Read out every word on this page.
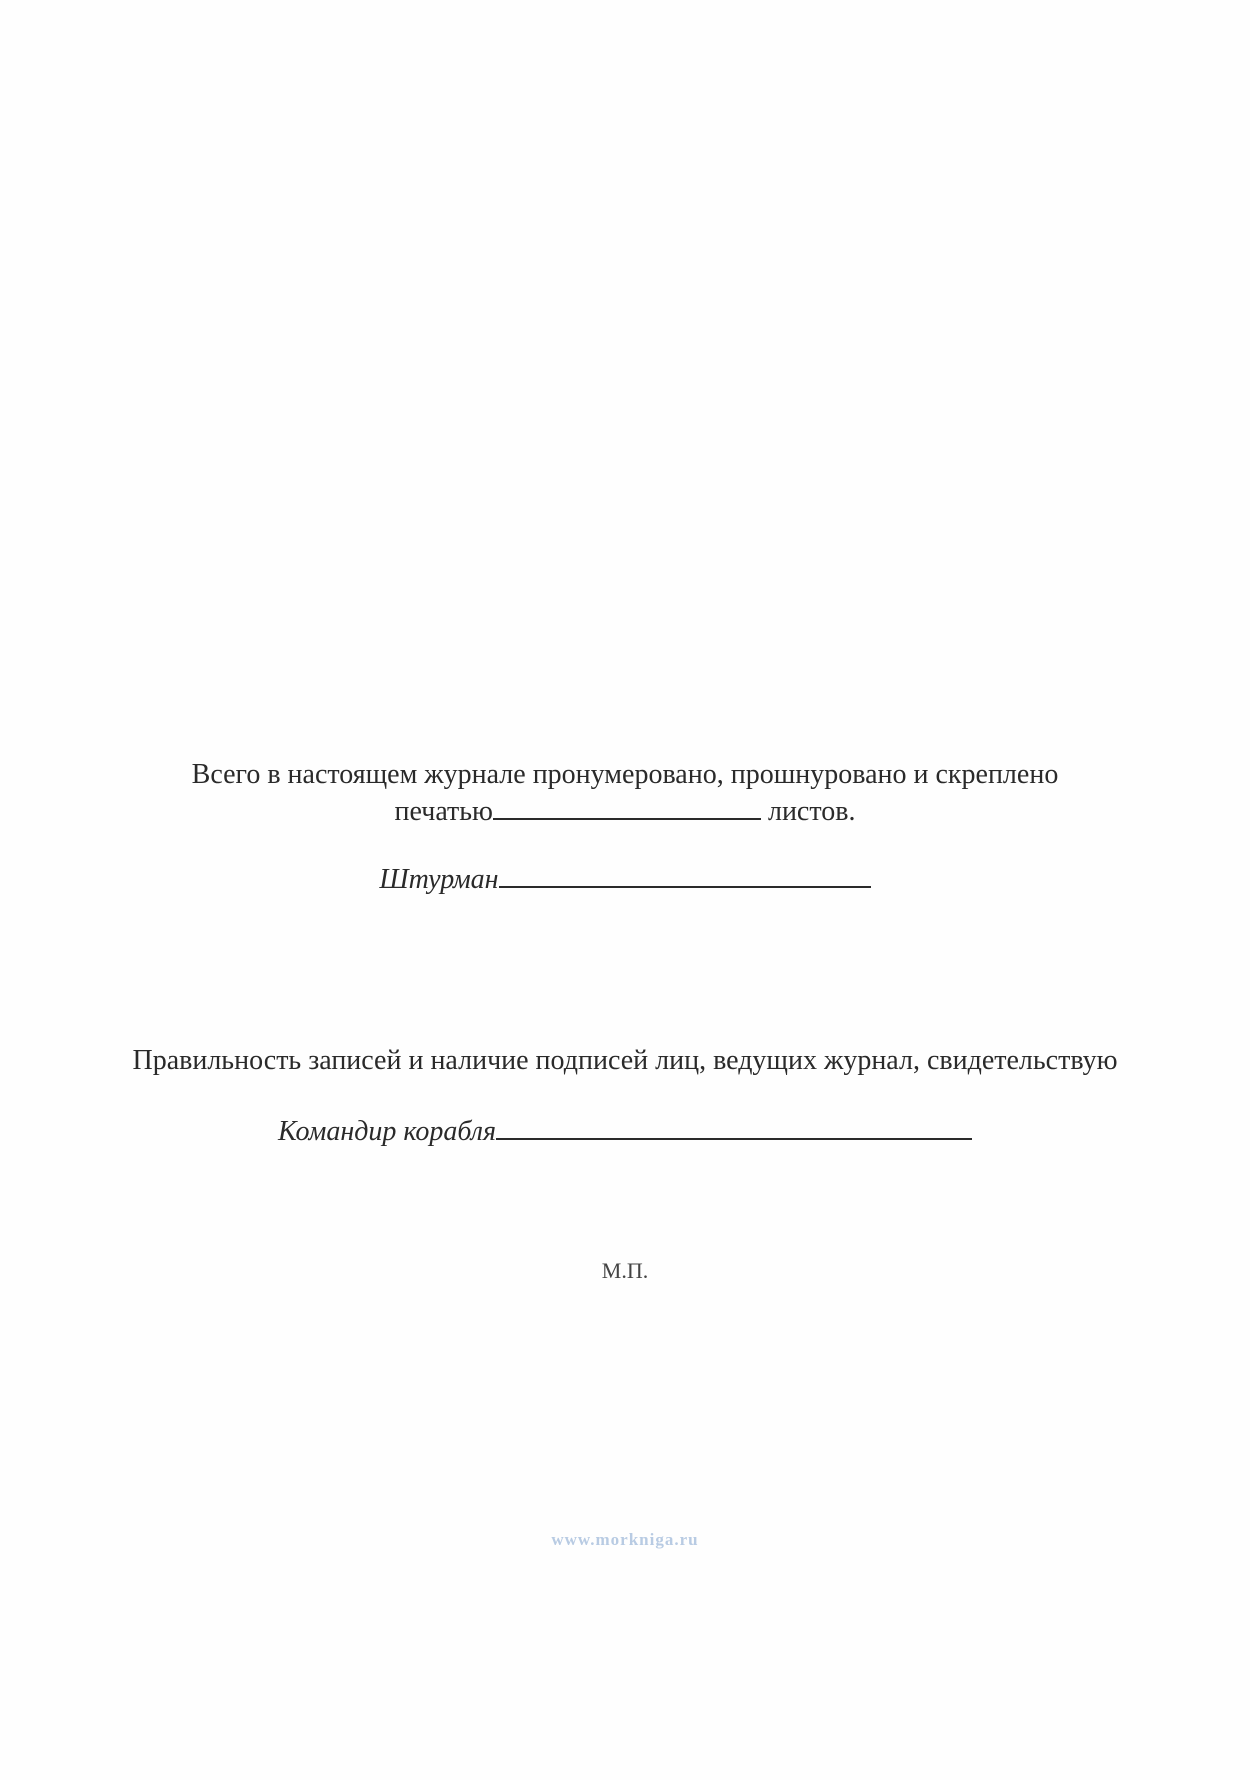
Всего в настоящем журнале пронумеровано, прошнуровано и скреплено
печатью	листов.
Штурман
Правильность записей и наличие подписей лиц, ведущих журнал, свидетельствую
Командир корабля
М.П.
www.morkniga.ru
